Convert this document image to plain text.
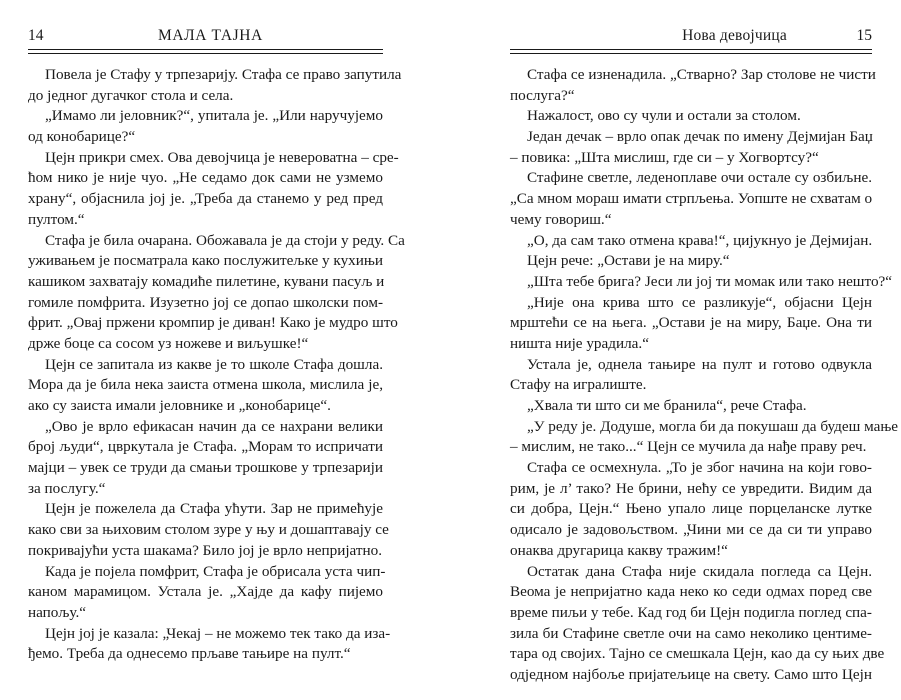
14	МАЛА ТАЈНА
Повела је Стафу у трпезарију. Стафа се право запутила
до једног дугачког стола и села.
„Имамо ли јеловник?“, упитала је. „Или наручујемо
од конобарице?“
Цејн прикри смех. Ова девојчица је невероватна – сре-
ћом нико је није чуо. „Не седамо док сами не узмемо
храну“, објаснила јој је. „Треба да станемо у ред пред
пултом.“
Стафа је била очарана. Обожавала је да стоји у реду. Са
уживањем је посматрала како послужитељке у кухињи
кашиком захватају комадиће пилетине, кувани пасуљ и
гомиле помфрита. Изузетно јој се допао школски пом-
фрит. „Овај пржени кромпир је диван! Како је мудро што
држе боце са сосом уз ножеве и виљушке!“
Цејн се запитала из какве је то школе Стафа дошла.
Мора да је била нека заиста отмена школа, мислила је,
ако су заиста имали јеловнике и „конобарице“.
„Ово је врло ефикасан начин да се нахрани велики
број људи“, цвркутала је Стафа. „Морам то испричати
мајци – увек се труди да смањи трошкове у трпезарији
за послугу.“
Цејн је пожелела да Стафа ућути. Зар не примећује
како сви за њиховим столом зуре у њу и дошаптавају се
покривајући уста шакама? Било јој је врло непријатно.
Када је појела помфрит, Стафа је обрисала уста чип-
каном марамицом. Устала је. „Хајде да кафу пијемо
напољу.“
Цејн јој је казала: „Чекај – не можемо тек тако да иза-
ђемо. Треба да однесемо прљаве тањире на пулт.“
Нова девојчица	15
Стафа се изненадила. „Стварно? Зар столове не чисти
послуга?“
Нажалост, ово су чули и остали за столом.
Један дечак – врло опак дечак по имену Дејмијан Баџ
– повика: „Шта мислиш, где си – у Хогвортсу?“
Стафине светле, леденоплаве очи остале су озбиљне.
„Са мном мораш имати стрпљења. Уопште не схватам о
чему говориш.“
„О, да сам тако отмена крава!“, цијукнуо је Дејмијан.
Цејн рече: „Остави је на миру.“
„Шта тебе брига? Јеси ли јој ти момак или тако нешто?“
„Није она крива што се разликује“, објасни Цејн
мрштећи се на њега. „Остави је на миру, Баџе. Она ти
ништа није урадила.“
Устала је, однела тањире на пулт и готово одвукла
Стафу на игралиште.
„Хвала ти што си ме бранила“, рече Стафа.
„У реду је. Додуше, могла би да покушаш да будеш мање
– мислим, не тако...“ Цејн се мучила да нађе праву реч.
Стафа се осмехнула. „То је због начина на који гово-
рим, је л’ тако? Не брини, нећу се увредити. Видим да
си добра, Цејн.“ Њено упало лице порцеланске лутке
одисало је задовољством. „Чини ми се да си ти управо
онаква другарица какву тражим!“
Остатак дана Стафа није скидала погледа са Цејн.
Веома је непријатно када неко ко седи одмах поред све
време пиљи у тебе. Кад год би Цејн подигла поглед спа-
зила би Стафине светле очи на само неколико центиме-
тара од својих. Тајно се смешкала Цејн, као да су њих две
одједном најбоље пријатељице на свету. Само што Цејн
